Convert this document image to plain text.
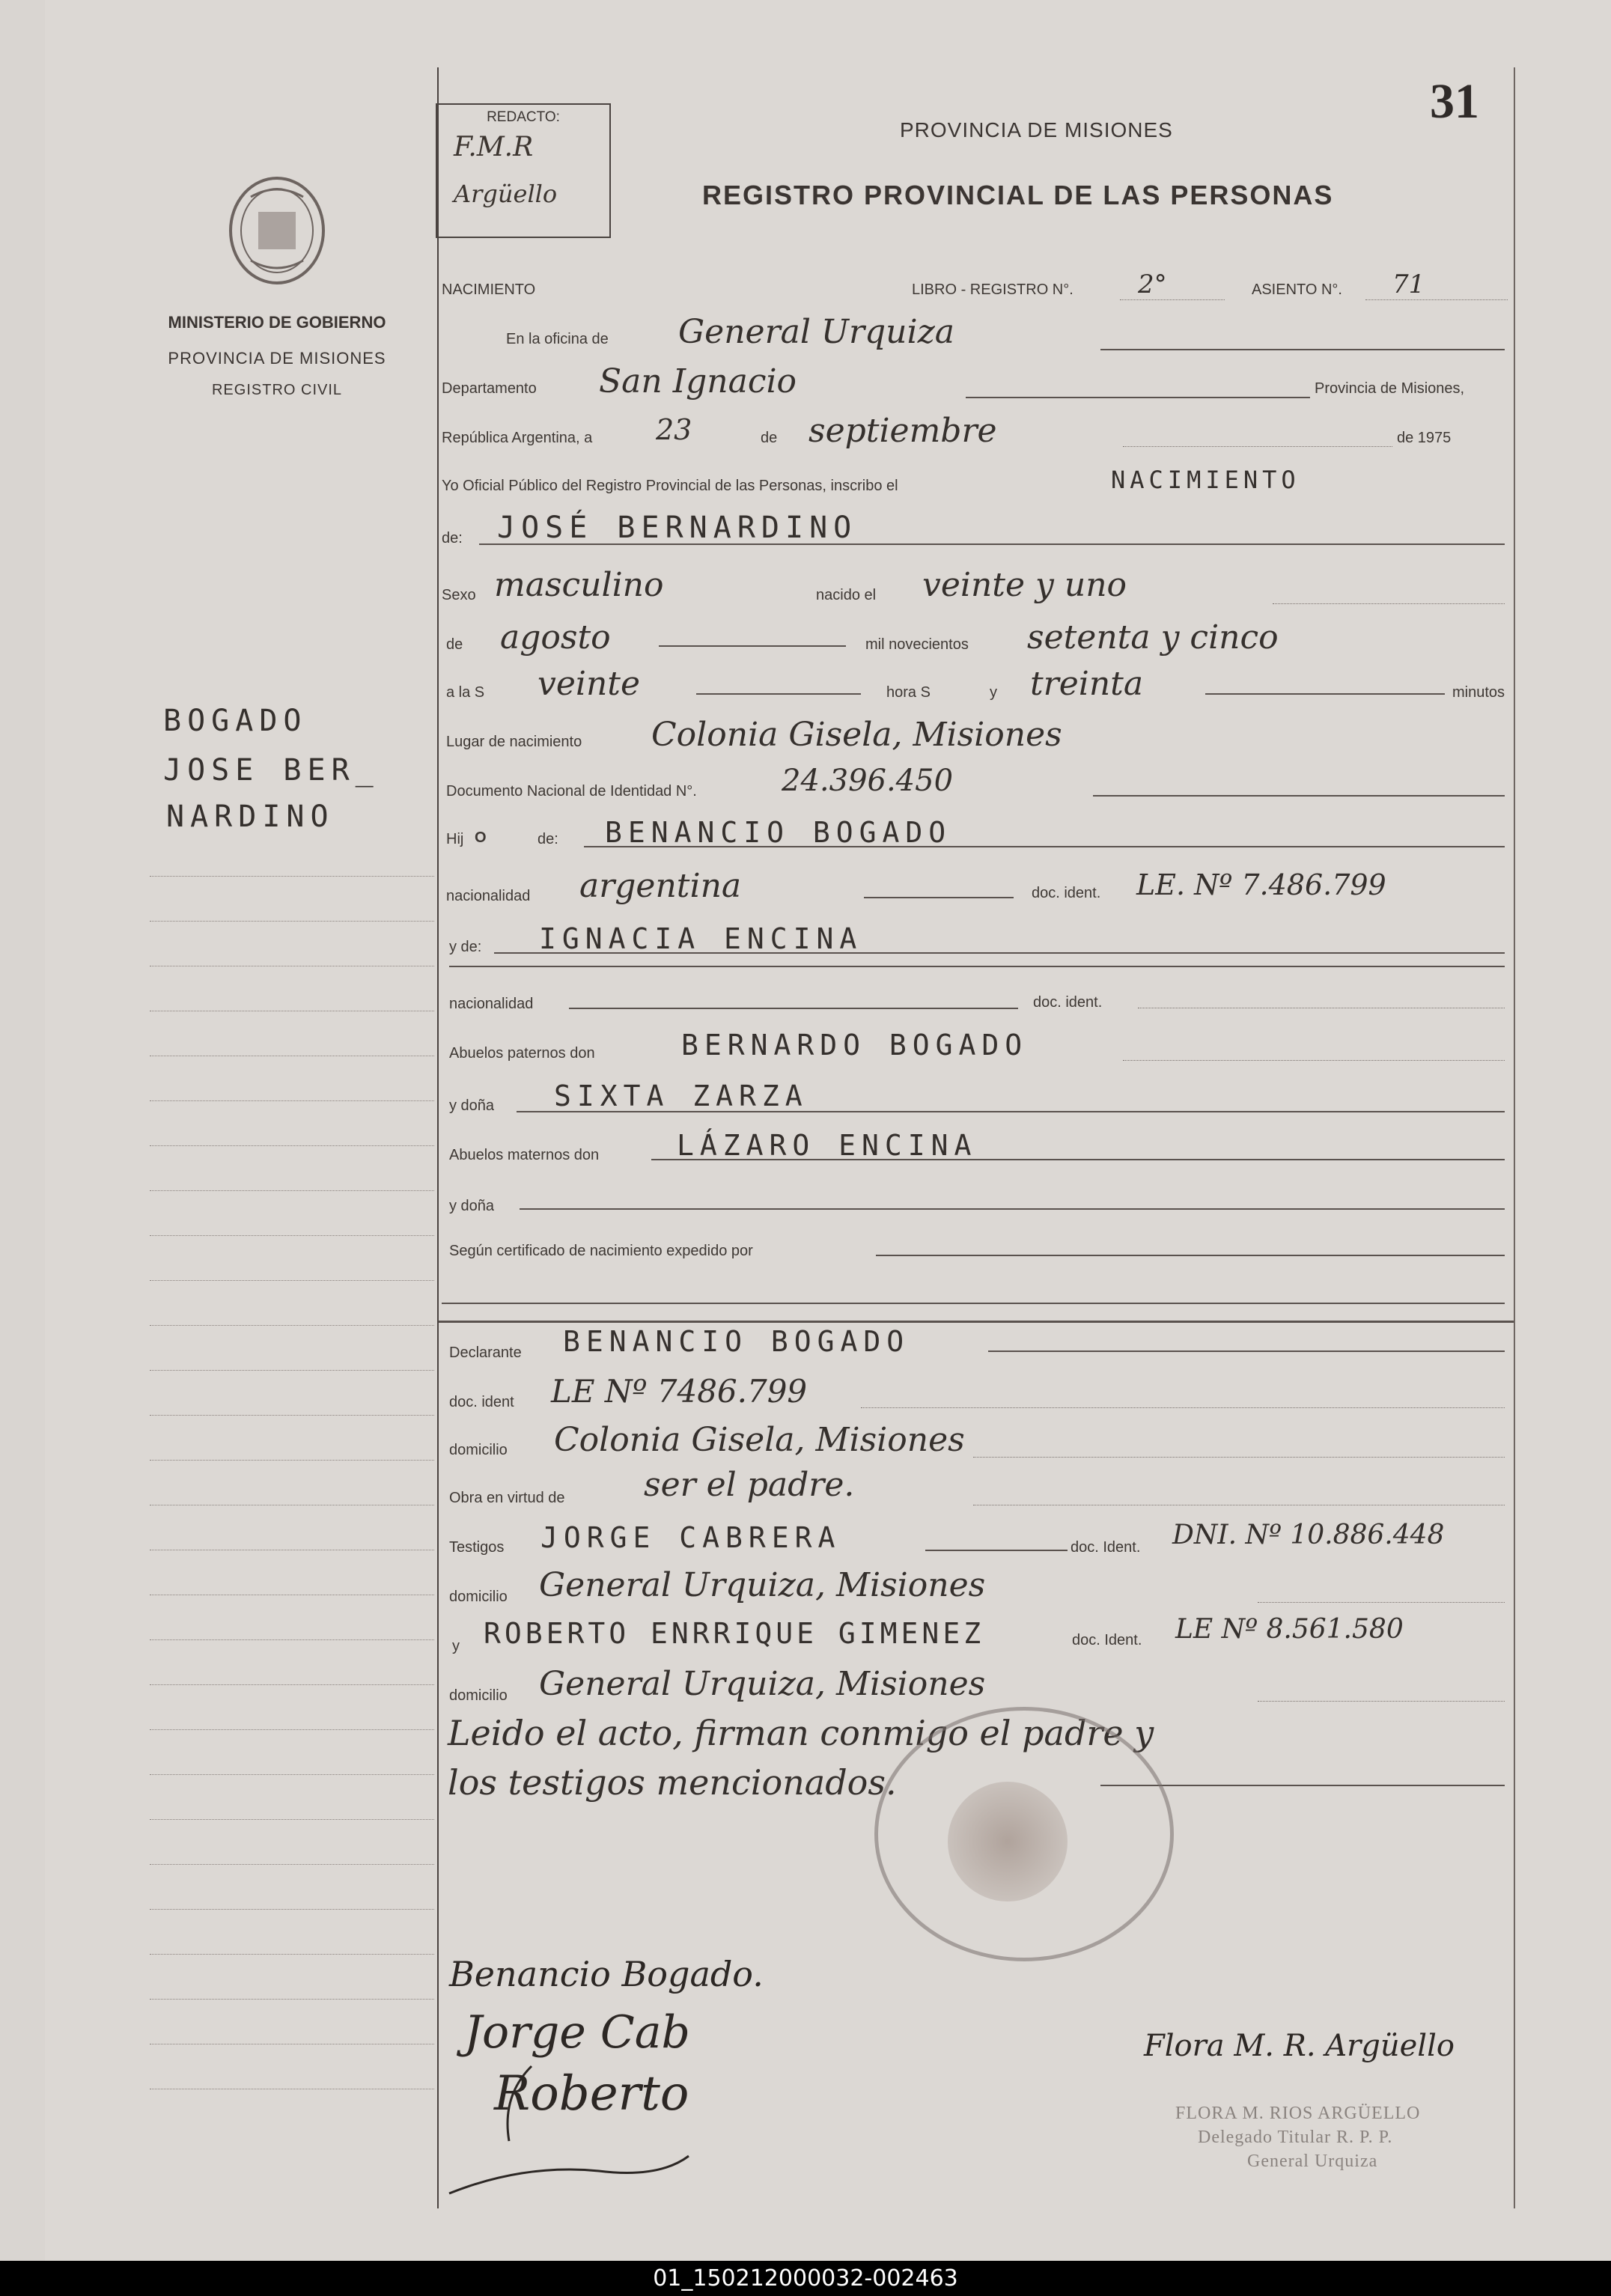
31
REDACTO:
F.M.R
Argüello
PROVINCIA DE MISIONES
REGISTRO PROVINCIAL DE LAS PERSONAS
MINISTERIO DE GOBIERNO
PROVINCIA DE MISIONES
REGISTRO CIVIL
BOGADO
JOSE BER_
NARDINO
NACIMIENTO	LIBRO - REGISTRO N°.	2°	ASIENTO N°. 71
En la oficina de General Urquiza
Departamento San Ignacio	Provincia de Misiones,
República Argentina, a 23	de septiembre	de 1975
Yo Oficial Público del Registro Provincial de las Personas, inscribo el	NACIMIENTO
de: JOSÉ BERNARDINO
Sexo masculino	nacido el veinte y uno
de agosto	mil novecientos setenta y cinco
a la S veinte	hora S	y treinta	minutos
Lugar de nacimiento Colonia Gisela, Misiones
Documento Nacional de Identidad N°.	24.396.450
Hij O	de: BENANCIO BOGADO
nacionalidad argentina	doc. ident. LE. Nº 7.486.799
y de: IGNACIA ENCINA
nacionalidad	doc. ident.
Abuelos paternos don	BERNARDO BOGADO
y doña SIXTA ZARZA
Abuelos maternos don	LÁZARO ENCINA
y doña
Según certificado de nacimiento expedido por
Declarante BENANCIO BOGADO
doc. ident LE Nº 7486.799
domicilio Colonia Gisela, Misiones
Obra en virtud de ser el padre.
Testigos JORGE CABRERA	doc. Ident. DNI. Nº 10.886.448
domicilio General Urquiza, Misiones
y ROBERTO ENRRIQUE GIMENEZ	doc. Ident. LE Nº 8.561.580
domicilio General Urquiza, Misiones
Leido el acto, firman conmigo el padre y
los testigos mencionados.
Benancio Bogado.
Jorge Cab
Roberto
Flora M. R. Argüello
FLORA M. RIOS ARGÜELLO
Delegado Titular R. P. P.
General Urquiza
01_150212000032-002463
